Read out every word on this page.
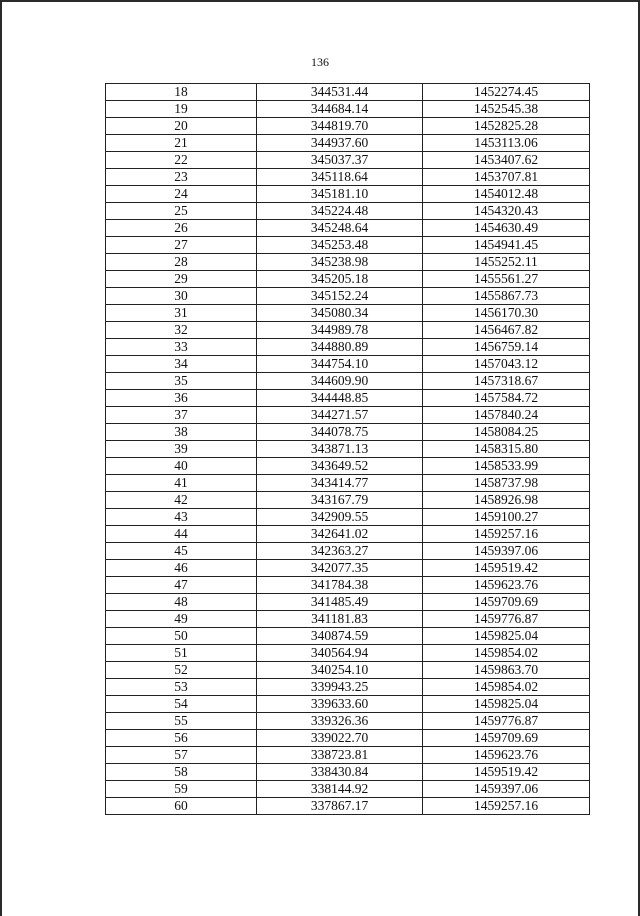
136
18	344531.44	1452274.45
19	344684.14	1452545.38
20	344819.70	1452825.28
21	344937.60	1453113.06
22	345037.37	1453407.62
23	345118.64	1453707.81
24	345181.10	1454012.48
25	345224.48	1454320.43
26	345248.64	1454630.49
27	345253.48	1454941.45
28	345238.98	1455252.11
29	345205.18	1455561.27
30	345152.24	1455867.73
31	345080.34	1456170.30
32	344989.78	1456467.82
33	344880.89	1456759.14
34	344754.10	1457043.12
35	344609.90	1457318.67
36	344448.85	1457584.72
37	344271.57	1457840.24
38	344078.75	1458084.25
39	343871.13	1458315.80
40	343649.52	1458533.99
41	343414.77	1458737.98
42	343167.79	1458926.98
43	342909.55	1459100.27
44	342641.02	1459257.16
45	342363.27	1459397.06
46	342077.35	1459519.42
47	341784.38	1459623.76
48	341485.49	1459709.69
49	341181.83	1459776.87
50	340874.59	1459825.04
51	340564.94	1459854.02
52	340254.10	1459863.70
53	339943.25	1459854.02
54	339633.60	1459825.04
55	339326.36	1459776.87
56	339022.70	1459709.69
57	338723.81	1459623.76
58	338430.84	1459519.42
59	338144.92	1459397.06
60	337867.17	1459257.16
